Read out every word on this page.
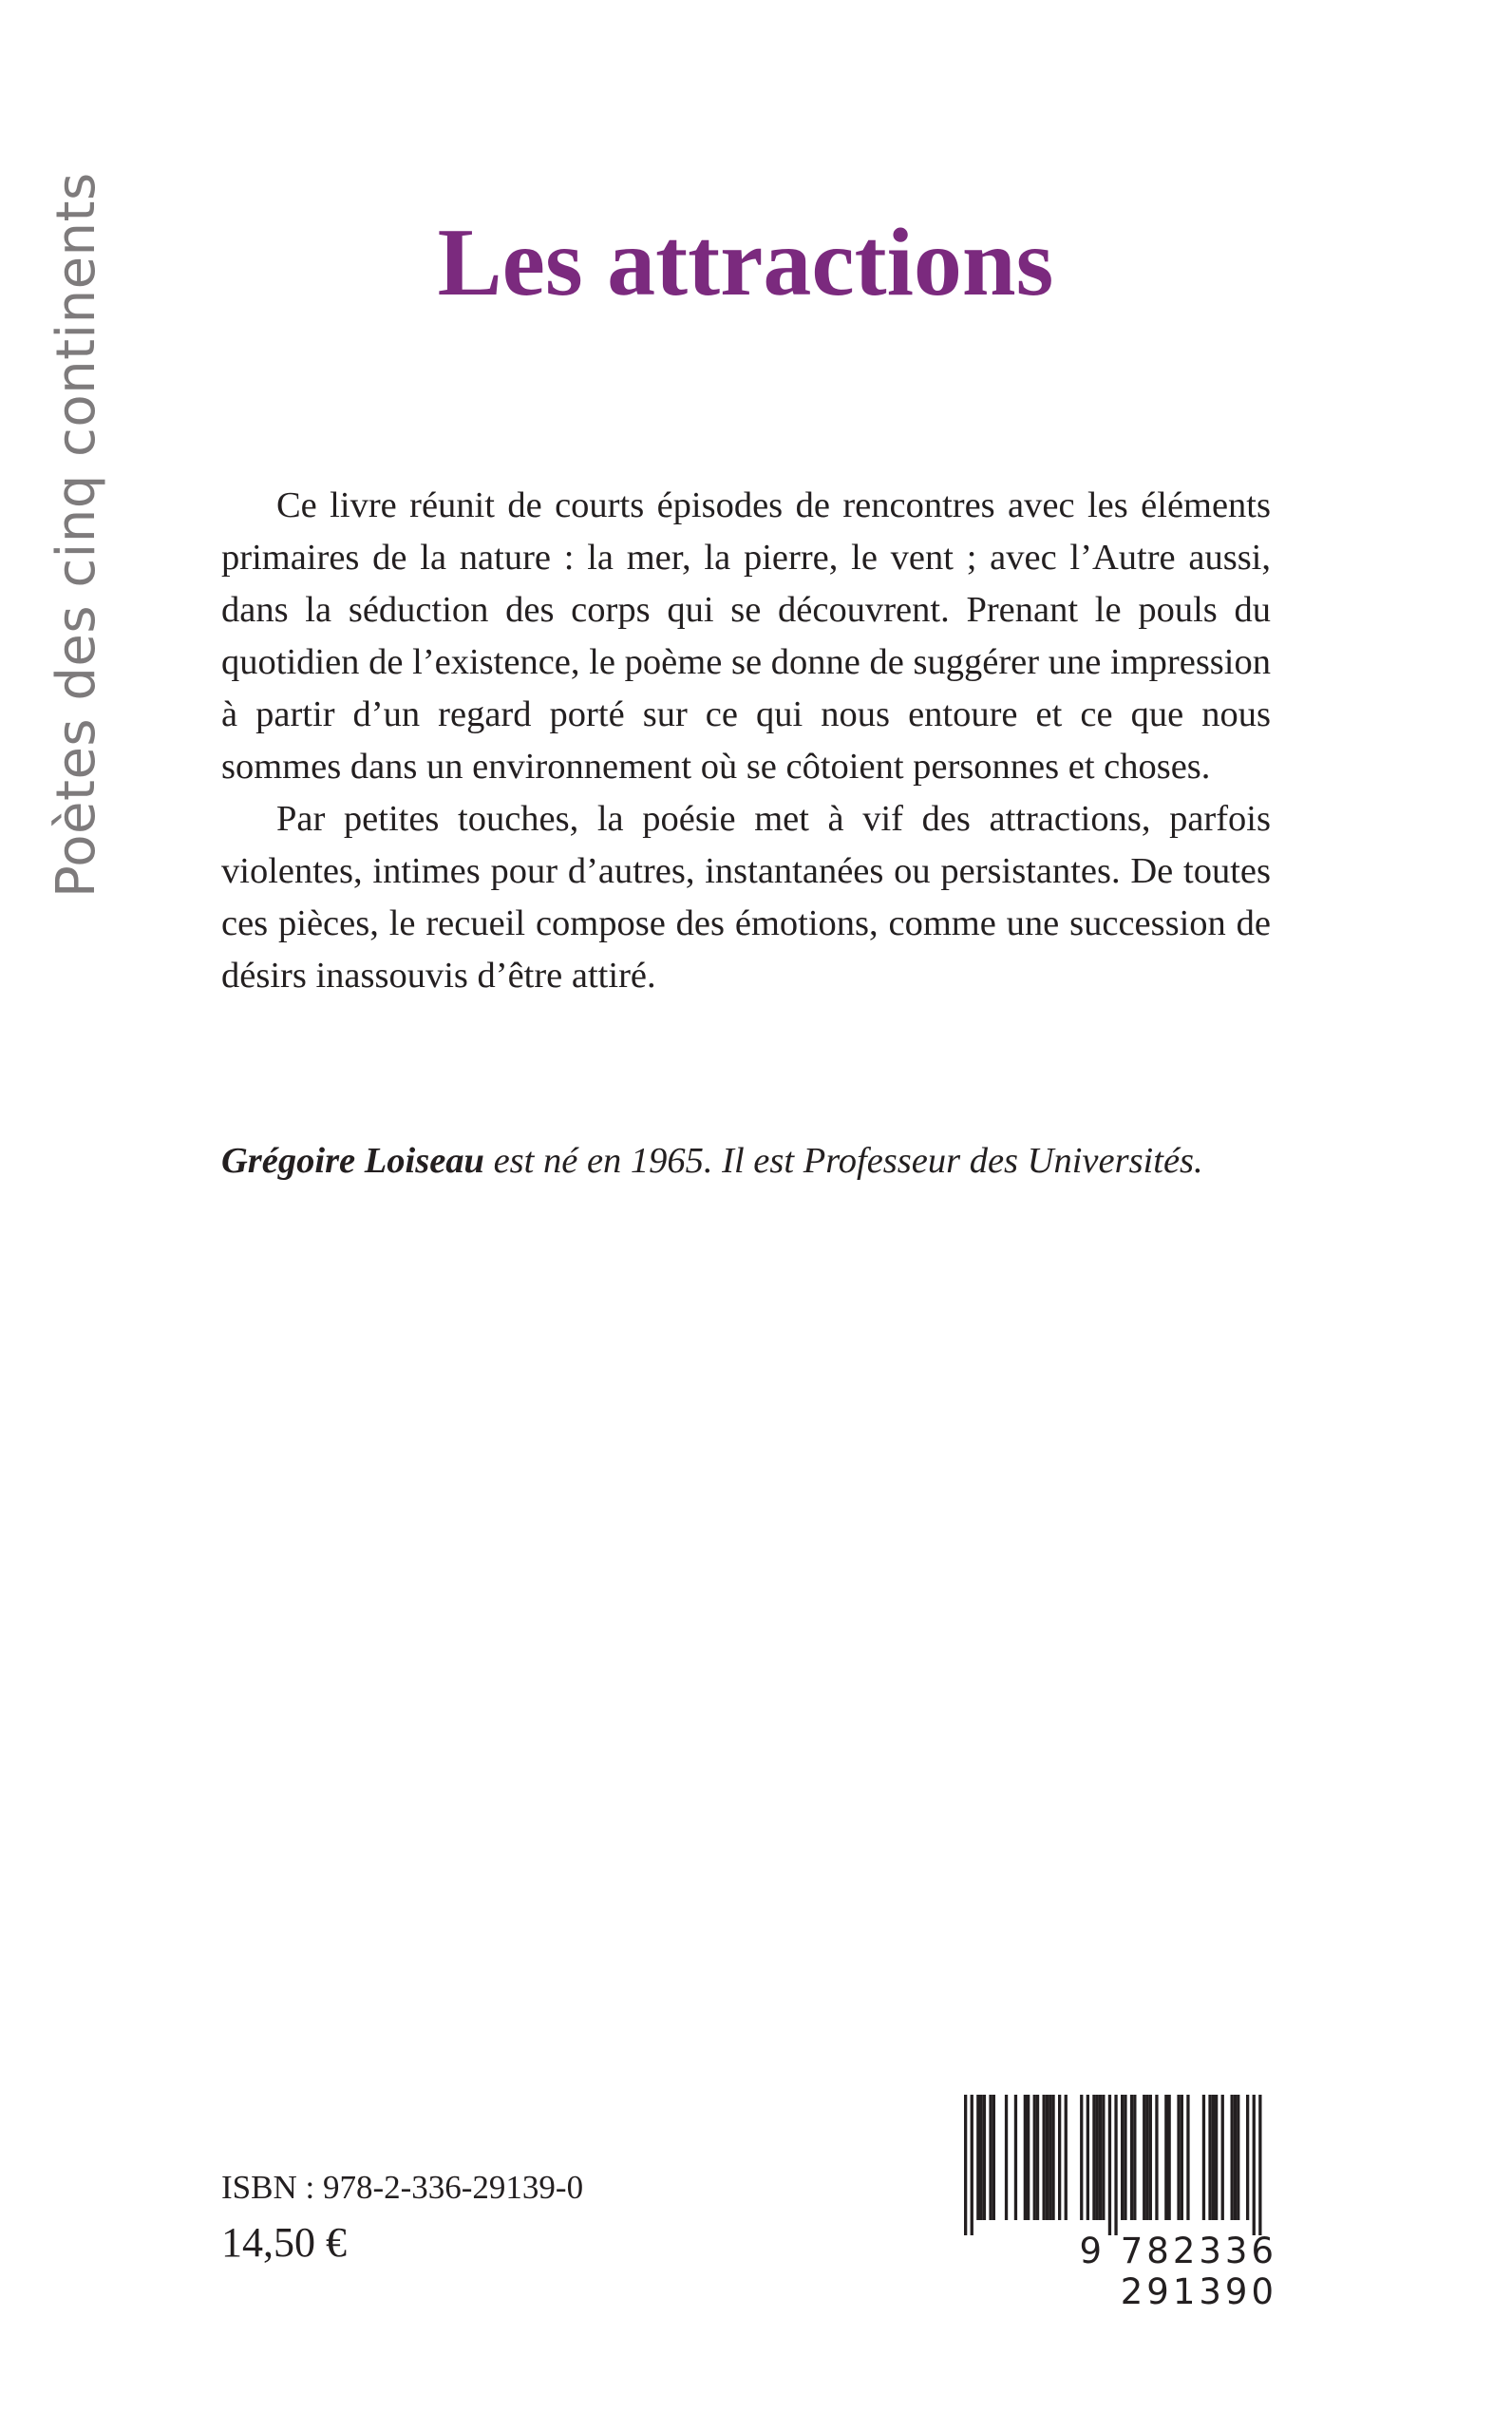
Poètes des cinq continents	Les attractions

Ce livre réunit de courts épisodes de rencontres avec les éléments primaires de la nature : la mer, la pierre, le vent ; avec l’Autre aussi, dans la séduction des corps qui se découvrent. Prenant le pouls du quotidien de l’existence, le poème se donne de suggérer une impression à partir d’un regard porté sur ce qui nous entoure et ce que nous sommes dans un environnement où se côtoient personnes et choses.

Par petites touches, la poésie met à vif des attractions, parfois violentes, intimes pour d’autres, instantanées ou persistantes. De toutes ces pièces, le recueil compose des émotions, comme une succession de désirs inassouvis d’être attiré.

Grégoire Loiseau est né en 1965. Il est Professeur des Universités.
ISBN : 978-2-336-29139-0
14,50 €	9 782336 291390
